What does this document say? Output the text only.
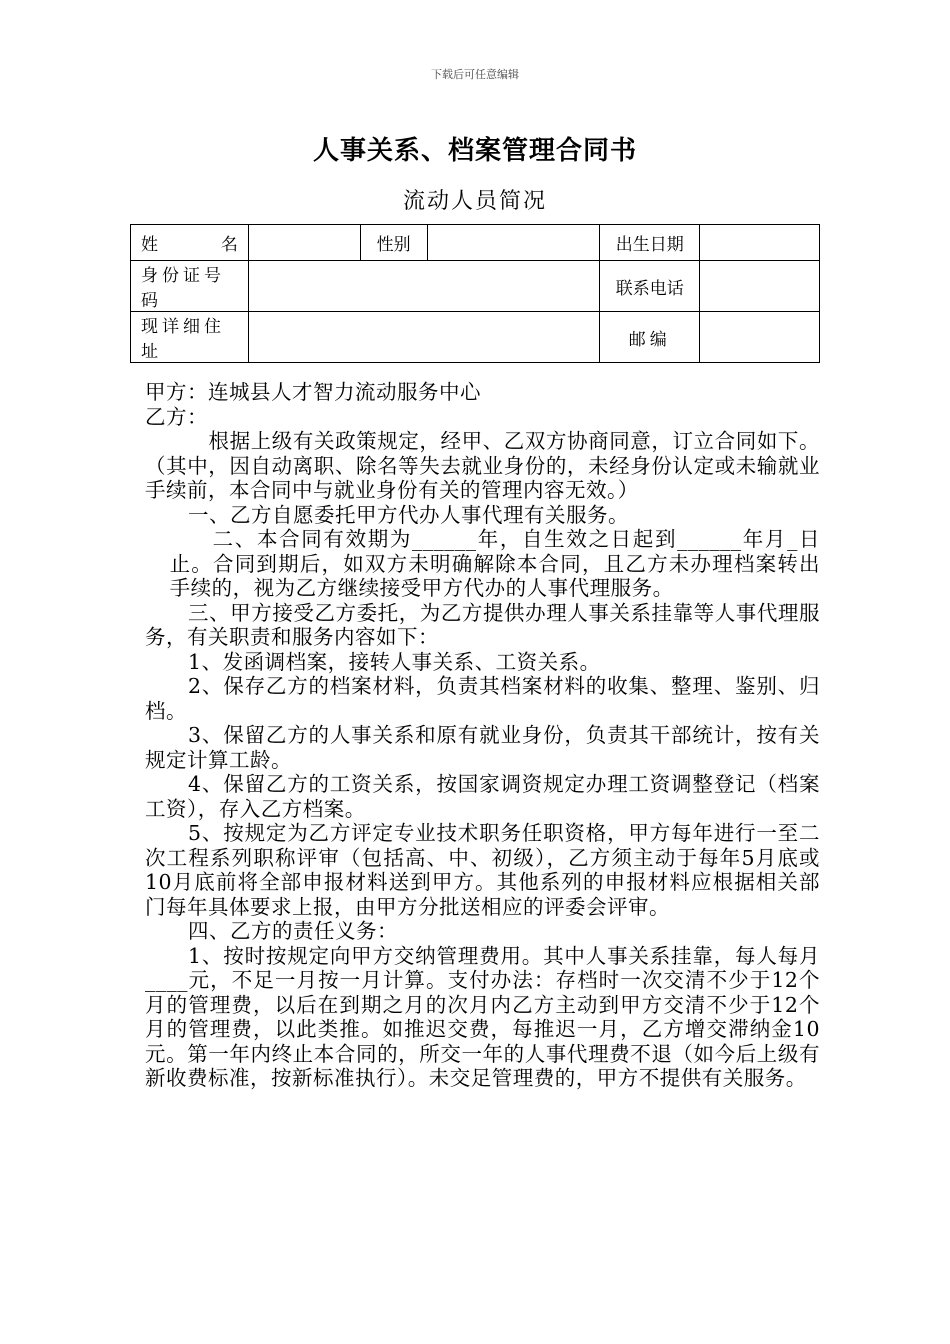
下载后可任意编辑
人事关系、档案管理合同书
流动人员简况
姓 名		性别		出生日期	
身份证号码				联系电话	
现详细住址				邮编	

甲方：连城县人才智力流动服务中心

乙方：

根据上级有关政策规定，经甲、乙双方协商同意，订立合同如下。（其中，因自动离职、除名等失去就业身份的，未经身份认定或未输就业手续前，本合同中与就业身份有关的管理内容无效。）

一、乙方自愿委托甲方代办人事代理有关服务。

二、本合同有效期为______年，自生效之日起到______年月_日止。合同到期后，如双方未明确解除本合同，且乙方未办理档案转出手续的，视为乙方继续接受甲方代办的人事代理服务。

三、甲方接受乙方委托，为乙方提供办理人事关系挂靠等人事代理服务，有关职责和服务内容如下：

1、发函调档案，接转人事关系、工资关系。

2、保存乙方的档案材料，负责其档案材料的收集、整理、鉴别、归档。

3、保留乙方的人事关系和原有就业身份，负责其干部统计，按有关规定计算工龄。

4、保留乙方的工资关系，按国家调资规定办理工资调整登记（档案工资），存入乙方档案。

5、按规定为乙方评定专业技术职务任职资格，甲方每年进行一至二次工程系列职称评审（包括高、中、初级），乙方须主动于每年5月底或10月底前将全部申报材料送到甲方。其他系列的申报材料应根据相关部门每年具体要求上报，由甲方分批送相应的评委会评审。

四、乙方的责任义务：

1、按时按规定向甲方交纳管理费用。其中人事关系挂靠，每人每月____元，不足一月按一月计算。支付办法：存档时一次交清不少于12个月的管理费，以后在到期之月的次月内乙方主动到甲方交清不少于12个月的管理费，以此类推。如推迟交费，每推迟一月，乙方增交滞纳金10元。第一年内终止本合同的，所交一年的人事代理费不退（如今后上级有新收费标准，按新标准执行）。未交足管理费的，甲方不提供有关服务。
